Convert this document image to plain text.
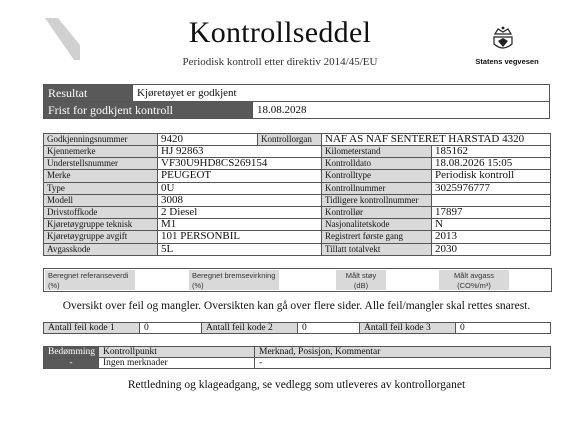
Kontrollseddel
Periodisk kontroll etter direktiv 2014/45/EU	Statens vegvesen
Resultat	Kjøretøyet er godkjent
Frist for godkjent kontroll	18.08.2028
Godkjenningsnummer	9420	Kontrollorgan	NAF AS NAF SENTERET HARSTAD 4320
Kjennemerke	HJ 92863	Kilometerstand	185162
Understellsnummer	VF30U9HD8CS269154	Kontrolldato	18.08.2026 15:05
Merke	PEUGEOT	Kontrolltype	Periodisk kontroll
Type	0U	Kontrollnummer	3025976777
Modell	3008	Tidligere kontrollnummer	
Drivstoffkode	2 Diesel	Kontrollør	17897
Kjøretøygruppe teknisk	M1	Nasjonalitetskode	N
Kjøretøygruppe avgift	101 PERSONBIL	Registrert første gang	2013
Avgasskode	5L	Tillatt totalvekt	2030
Beregnet referanseverdi (%)
Beregnet bremsevirkning (%)
Målt støy (dB)
Målt avgass (CO%/m³)
Oversikt over feil og mangler. Oversikten kan gå over flere sider. Alle feil/mangler skal rettes snarest.
Antall feil kode 1	0	Antall feil kode 2	0	Antall feil kode 3	0
Bedømming	Kontrollpunkt	Merknad, Posisjon, Kommentar
-	Ingen merknader	-
Rettledning og klageadgang, se vedlegg som utleveres av kontrollorganet
